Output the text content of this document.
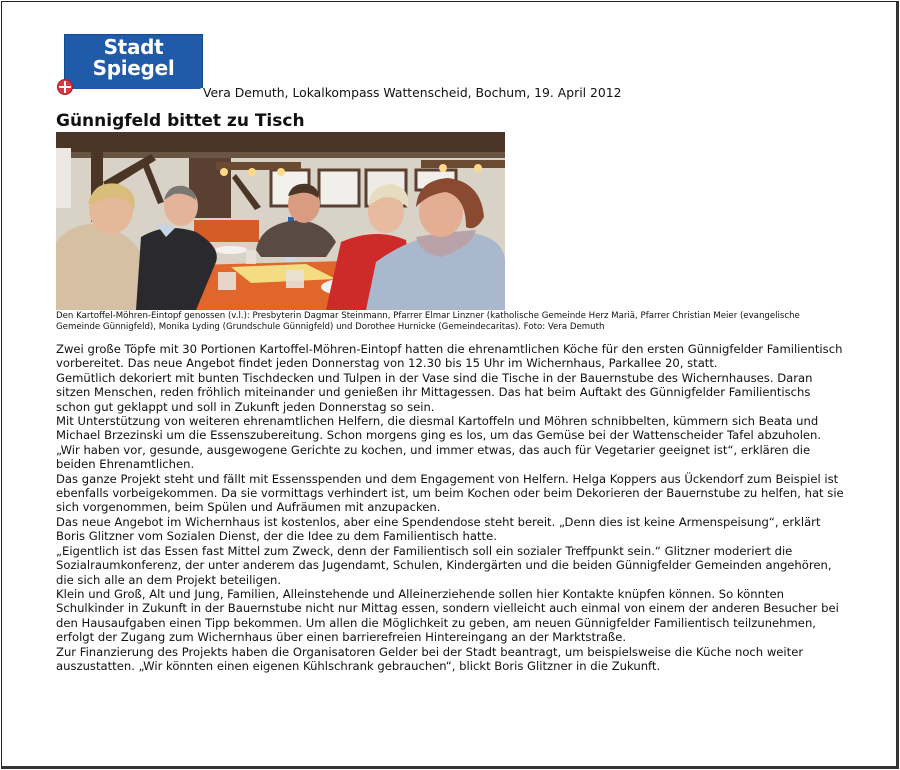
Stadt
Spiegel
Vera Demuth, Lokalkompass Wattenscheid, Bochum, 19. April 2012
Günnigfeld bittet zu Tisch
Den Kartoffel-Möhren-Eintopf genossen (v.l.): Presbyterin Dagmar Steinmann, Pfarrer Elmar Linzner (katholische Gemeinde Herz Mariä, Pfarrer Christian Meier (evangelische Gemeinde Günnigfeld), Monika Lyding (Grundschule Günnigfeld) und Dorothee Hurnicke (Gemeindecaritas). Foto: Vera Demuth

Zwei große Töpfe mit 30 Portionen Kartoffel-Möhren-Eintopf hatten die ehrenamtlichen Köche für den ersten Günnigfelder Familientisch vorbereitet. Das neue Angebot findet jeden Donnerstag von 12.30 bis 15 Uhr im Wichernhaus, Parkallee 20, statt.

Gemütlich dekoriert mit bunten Tischdecken und Tulpen in der Vase sind die Tische in der Bauernstube des Wichernhauses. Daran sitzen Menschen, reden fröhlich miteinander und genießen ihr Mittagessen. Das hat beim Auftakt des Günnigfelder Familientischs schon gut geklappt und soll in Zukunft jeden Donnerstag so sein.

Mit Unterstützung von weiteren ehrenamtlichen Helfern, die diesmal Kartoffeln und Möhren schnibbelten, kümmern sich Beata und Michael Brzezinski um die Essenszubereitung. Schon morgens ging es los, um das Gemüse bei der Wattenscheider Tafel abzuholen. „Wir haben vor, gesunde, ausgewogene Gerichte zu kochen, und immer etwas, das auch für Vegetarier geeignet ist“, erklären die beiden Ehrenamtlichen.

Das ganze Projekt steht und fällt mit Essensspenden und dem Engagement von Helfern. Helga Koppers aus Ückendorf zum Beispiel ist ebenfalls vorbeigekommen. Da sie vormittags verhindert ist, um beim Kochen oder beim Dekorieren der Bauernstube zu helfen, hat sie sich vorgenommen, beim Spülen und Aufräumen mit anzupacken.

Das neue Angebot im Wichernhaus ist kostenlos, aber eine Spendendose steht bereit. „Denn dies ist keine Armenspeisung“, erklärt Boris Glitzner vom Sozialen Dienst, der die Idee zu dem Familientisch hatte.

„Eigentlich ist das Essen fast Mittel zum Zweck, denn der Familientisch soll ein sozialer Treffpunkt sein.“ Glitzner moderiert die Sozialraumkonferenz, der unter anderem das Jugendamt, Schulen, Kindergärten und die beiden Günnigfelder Gemeinden angehören, die sich alle an dem Projekt beteiligen.

Klein und Groß, Alt und Jung, Familien, Alleinstehende und Alleinerziehende sollen hier Kontakte knüpfen können. So könnten Schulkinder in Zukunft in der Bauernstube nicht nur Mittag essen, sondern vielleicht auch einmal von einem der anderen Besucher bei den Hausaufgaben einen Tipp bekommen. Um allen die Möglichkeit zu geben, am neuen Günnigfelder Familientisch teilzunehmen, erfolgt der Zugang zum Wichernhaus über einen barrierefreien Hintereingang an der Marktstraße.

Zur Finanzierung des Projekts haben die Organisatoren Gelder bei der Stadt beantragt, um beispielsweise die Küche noch weiter auszustatten. „Wir könnten einen eigenen Kühlschrank gebrauchen“, blickt Boris Glitzner in die Zukunft.
